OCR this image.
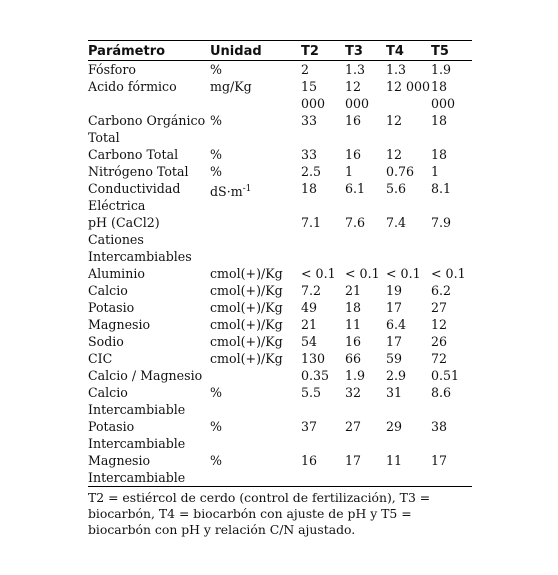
Parámetro	Unidad	T2	T3	T4	T5
Fósforo	%	2	1.3	1.3	1.9
Acido fórmico	mg/Kg	15 000	12 000	12 000	18 000
Carbono Orgánico Total	%	33	16	12	18
Carbono Total	%	33	16	12	18
Nitrógeno Total	%	2.5	1	0.76	1
Conductividad Eléctrica	$dS\cdot m^{-1}$	18	6.1	5.6	8.1
pH (CaCl2)		7.1	7.6	7.4	7.9
Cationes Intercambiables					
Aluminio	cmol(+)/Kg	< 0.1	< 0.1	< 0.1	< 0.1
Calcio	cmol(+)/Kg	7.2	21	19	6.2
Potasio	cmol(+)/Kg	49	18	17	27
Magnesio	cmol(+)/Kg	21	11	6.4	12
Sodio	cmol(+)/Kg	54	16	17	26
CIC	cmol(+)/Kg	130	66	59	72
Calcio / Magnesio		0.35	1.9	2.9	0.51
Calcio Intercambiable	%	5.5	32	31	8.6
Potasio Intercambiable	%	37	27	29	38
Magnesio Intercambiable	%	16	17	11	17
T2 = estiércol de cerdo (control de fertilización), T3 = biocarbón, T4 = biocarbón con ajuste de pH y T5 = biocarbón con pH y relación C/N ajustado.
